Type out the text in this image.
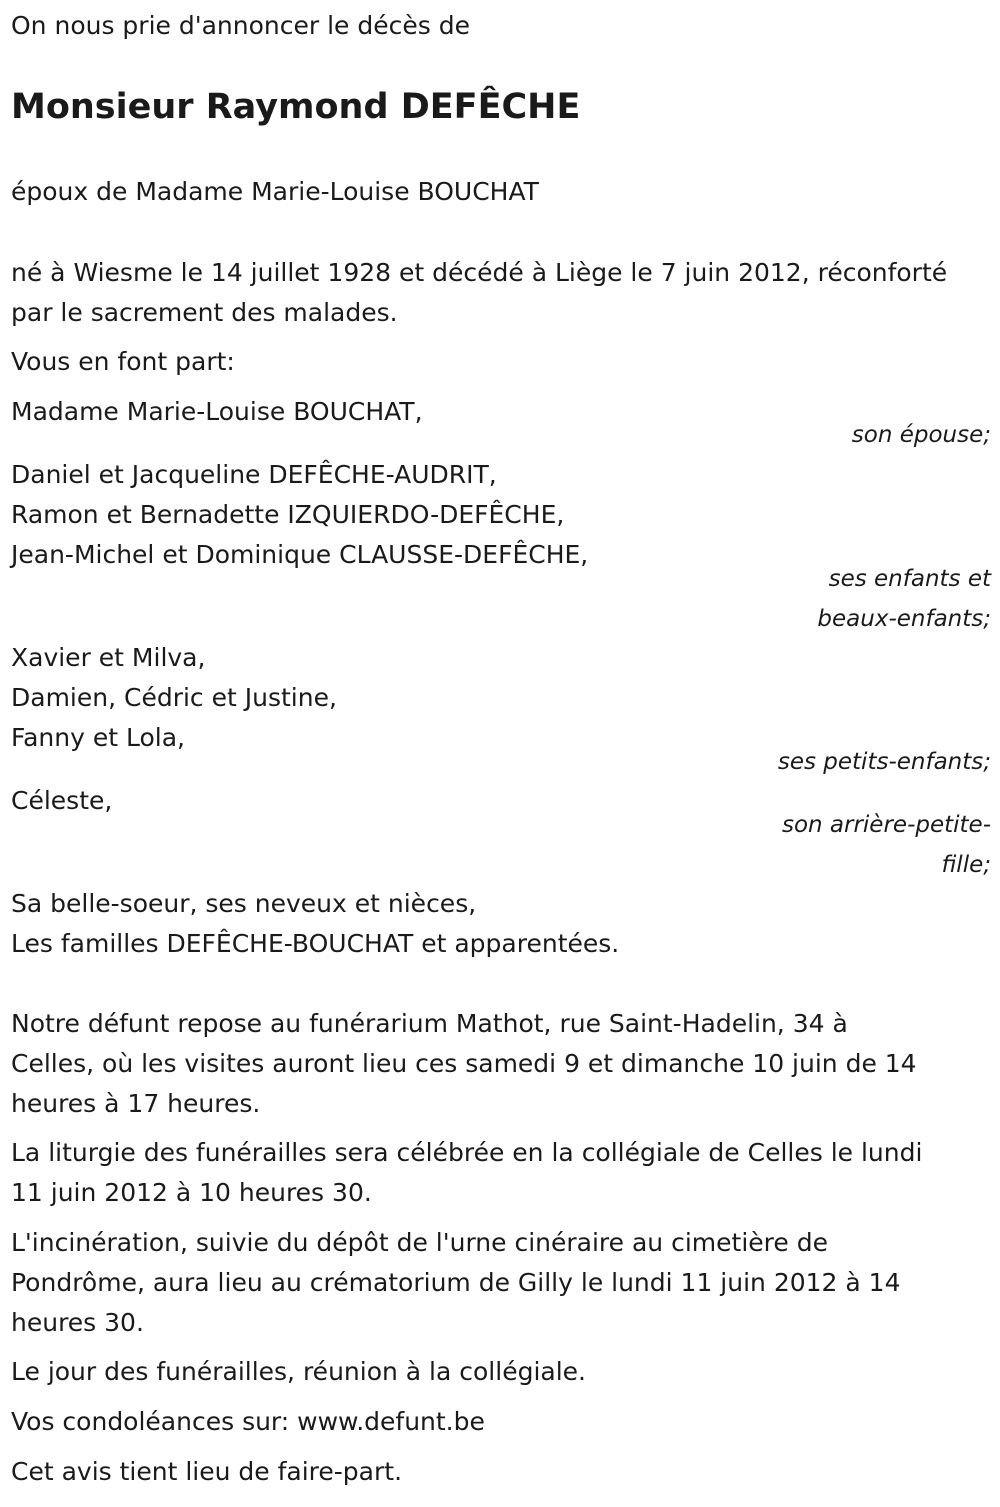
On nous prie d'annoncer le décès de

Monsieur Raymond DEFÊCHE

époux de Madame Marie-Louise BOUCHAT

né à Wiesme le 14 juillet 1928 et décédé à Liège le 7 juin 2012, réconforté

par le sacrement des malades.

Vous en font part:

Madame Marie-Louise BOUCHAT,

son épouse;

Daniel et Jacqueline DEFÊCHE-AUDRIT,

Ramon et Bernadette IZQUIERDO-DEFÊCHE,

Jean-Michel et Dominique CLAUSSE-DEFÊCHE,

ses enfants et
beaux-enfants;

Xavier et Milva,

Damien, Cédric et Justine,

Fanny et Lola,

ses petits-enfants;

Céleste,

son arrière-petite-
fille;

Sa belle-soeur, ses neveux et nièces,

Les familles DEFÊCHE-BOUCHAT et apparentées.

Notre défunt repose au funérarium Mathot, rue Saint-Hadelin, 34 à

Celles, où les visites auront lieu ces samedi 9 et dimanche 10 juin de 14

heures à 17 heures.

La liturgie des funérailles sera célébrée en la collégiale de Celles le lundi

11 juin 2012 à 10 heures 30.

L'incinération, suivie du dépôt de l'urne cinéraire au cimetière de

Pondrôme, aura lieu au crématorium de Gilly le lundi 11 juin 2012 à 14

heures 30.

Le jour des funérailles, réunion à la collégiale.

Vos condoléances sur: www.defunt.be

Cet avis tient lieu de faire-part.
